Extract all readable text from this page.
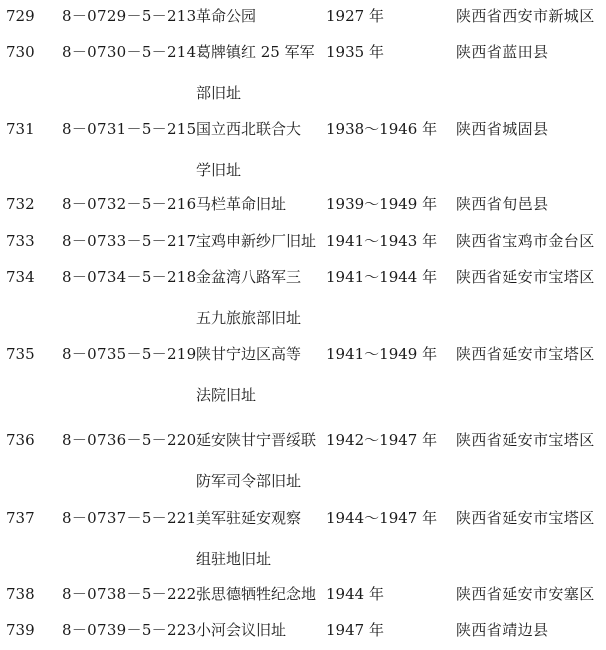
729 8－0729－5－213 革命公园	1927 年	陕西省西安市新城区
730 8－0730－5－214 葛牌镇红 25 军军
部旧址
1935 年	陕西省蓝田县
731 8－0731－5－215 国立西北联合大
学旧址
1938～1946 年 陕西省城固县
732 8－0732－5－216 马栏革命旧址	1939～1949 年 陕西省旬邑县
733 8－0733－5－217 宝鸡申新纱厂旧址 1941～1943 年 陕西省宝鸡市金台区
734 8－0734－5－218 金盆湾八路军三
五九旅旅部旧址
1941～1944 年 陕西省延安市宝塔区
735 8－0735－5－219 陕甘宁边区高等
法院旧址
1941～1949 年 陕西省延安市宝塔区
736 8－0736－5－220 延安陕甘宁晋绥联
防军司令部旧址
1942～1947 年 陕西省延安市宝塔区
737 8－0737－5－221 美军驻延安观察
组驻地旧址
1944～1947 年 陕西省延安市宝塔区
738 8－0738－5－222 张思德牺牲纪念地 1944 年	陕西省延安市安塞区
739 8－0739－5－223 小河会议旧址	1947 年	陕西省靖边县
